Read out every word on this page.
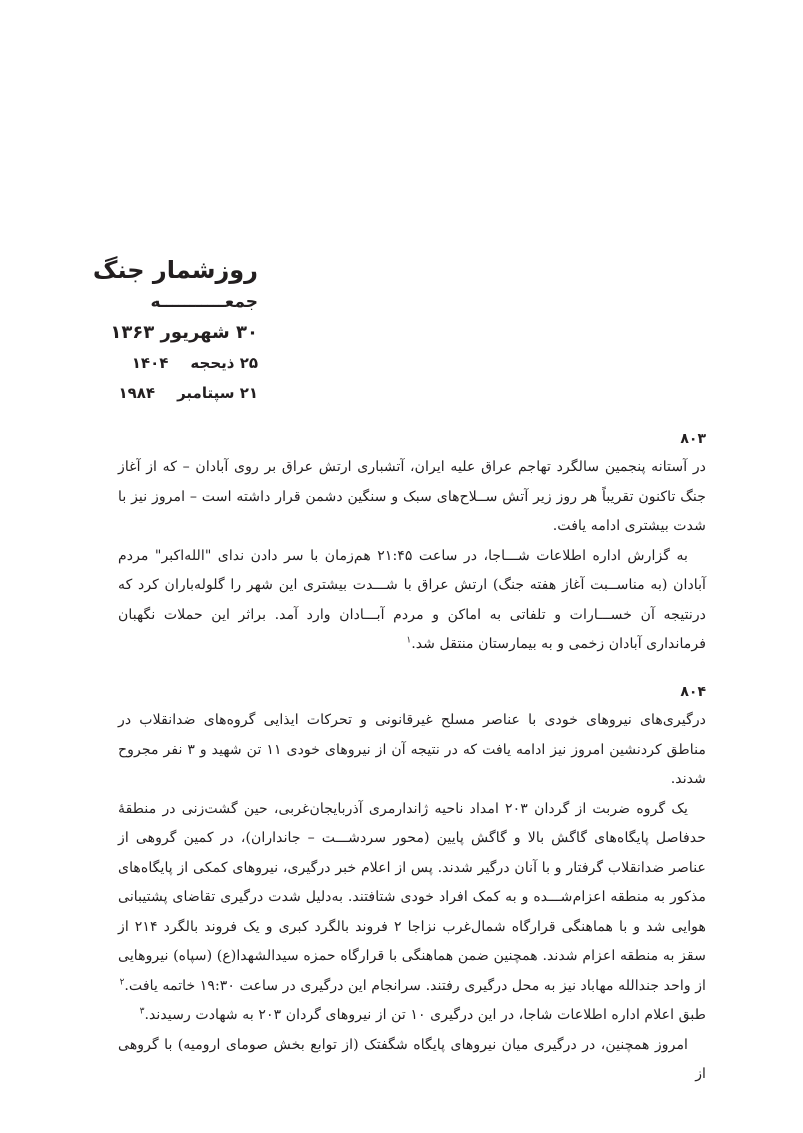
روزشمار جنگ
جمعـــــــــــه
۳۰ شهریور ۱۳۶۳
۲۵ ذیحجه۱۴۰۴
۲۱ سپتامبر۱۹۸۴
۸۰۳

در آستانه پنجمین سالگرد تهاجم عراق علیه ایران، آتشباری ارتش عراق بر روی آبادان – که از آغاز جنگ تاکنون تقریباً هر روز زیر آتش ســلاح‌های سبک و سنگین دشمن قرار داشته است – امروز نیز با شدت بیشتری ادامه یافت.

به گزارش اداره اطلاعات شـــاجا، در ساعت ۲۱:۴۵ هم‌زمان با سر دادن ندای "الله‌اکبر" مردم آبادان (به مناســبت آغاز هفته جنگ) ارتش عراق با شـــدت بیشتری این شهر را گلوله‌باران کرد که درنتیجه آن خســـارات و تلفاتی به اماکن و مردم آبـــادان وارد آمد. براثر این حملات نگهبان فرمانداری آبادان زخمی و به بیمارستان منتقل شد.$^۱$

۸۰۴

درگیری‌های نیروهای خودی با عناصر مسلح غیرقانونی و تحرکات ایذایی گروه‌های ضدانقلاب در مناطق کردنشین امروز نیز ادامه یافت که در نتیجه آن از نیروهای خودی ۱۱ تن شهید و ۳ نفر مجروح شدند.

یک گروه ضربت از گردان ۲۰۳ امداد ناحیه ژاندارمری آذربایجان‌غربی، حین گشت‌زنی در منطقهٔ حدفاصل پایگاه‌های گاگش بالا و گاگش پایین (محور سردشـــت – جانداران)، در کمین گروهی از عناصر ضدانقلاب گرفتار و با آنان درگیر شدند. پس از اعلام خبر درگیری، نیروهای کمکی از پایگاه‌های مذکور به منطقه اعزام‌شـــده و به کمک افراد خودی شتافتند. به‌دلیل شدت درگیری تقاضای پشتیبانی هوایی شد و با هماهنگی قرارگاه شمال‌غرب نزاجا ۲ فروند بالگرد کبری و یک فروند بالگرد ۲۱۴ از سقز به منطقه اعزام شدند. همچنین ضمن هماهنگی با قرارگاه حمزه سیدالشهدا(ع) (سپاه) نیروهایی از واحد جندالله مهاباد نیز به محل درگیری رفتند. سرانجام این درگیری در ساعت ۱۹:۳۰ خاتمه یافت.$^۲$

طبق اعلام اداره اطلاعات شاجا، در این درگیری ۱۰ تن از نیروهای گردان ۲۰۳ به شهادت رسیدند.$^۳$

امروز همچنین، در درگیری میان نیروهای پایگاه شگفتک (از توابع بخش صومای ارومیه) با گروهی از
